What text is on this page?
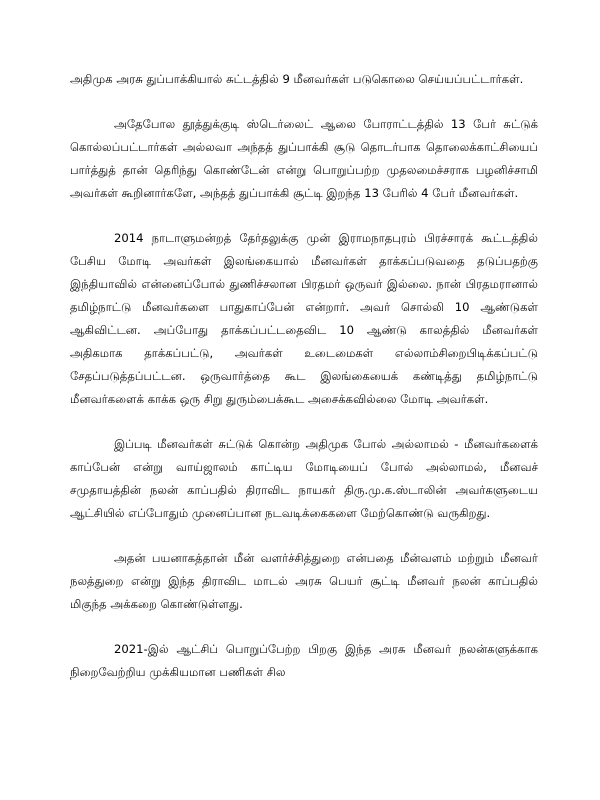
அதிமுக அரசு துப்பாக்கியால் சுட்டத்தில் 9 மீனவர்கள் படுகொலை செய்யப்பட்டார்கள்.

அதேபோல தூத்துக்குடி ஸ்டெர்லைட் ஆலை போராட்டத்தில் 13 பேர் சுட்டுக் கொல்லப்பட்டார்கள் அல்லவா அந்தத் துப்பாக்கி சூடு தொடர்பாக தொலைக்காட்சியைப் பார்த்துத் தான் தெரிந்து கொண்டேன் என்று பொறுப்பற்ற முதலமைச்சராக பழனிச்சாமி அவர்கள் கூறினார்களே, அந்தத் துப்பாக்கி சூட்டி இறந்த 13 பேரில் 4 பேர் மீனவர்கள்.

2014 நாடாளுமன்றத் தேர்தலுக்கு முன் இராமநாதபுரம் பிரச்சாரக் கூட்டத்தில் பேசிய மோடி அவர்கள் இலங்கையால் மீனவர்கள் தாக்கப்படுவதை தடுப்பதற்கு இந்தியாவில் என்னைப்போல் துணிச்சலான பிரதமர் ஒருவர் இல்லை. நான் பிரதமரானால் தமிழ்நாட்டு மீனவர்களை பாதுகாப்பேன் என்றார். அவர் சொல்லி 10 ஆண்டுகள் ஆகிவிட்டன. அப்போது தாக்கப்பட்டதைவிட 10 ஆண்டு காலத்தில் மீனவர்கள் அதிகமாக தாக்கப்பட்டு, அவர்கள் உடைமைகள் எல்லாம்சிறைபிடிக்கப்பட்டு சேதப்படுத்தப்பட்டன. ஒருவார்த்தை கூட இலங்கையைக் கண்டித்து தமிழ்நாட்டு மீனவர்களைக் காக்க ஒரு சிறு துரும்பைக்கூட அசைக்கவில்லை மோடி அவர்கள்.

இப்படி மீனவர்கள் சுட்டுக் கொன்ற அதிமுக போல் அல்லாமல் - மீனவர்களைக் காப்பேன் என்று வாய்ஜாலம் காட்டிய மோடியைப் போல் அல்லாமல், மீனவச் சமுதாயத்தின் நலன் காப்பதில் திராவிட நாயகர் திரு.மு.க.ஸ்டாலின் அவர்களுடைய ஆட்சியில் எப்போதும் முனைப்பான நடவடிக்கைகளை மேற்கொண்டு வருகிறது.

அதன் பயனாகத்தான் மீன் வளர்ச்சித்துறை என்பதை மீன்வளம் மற்றும் மீனவர் நலத்துறை என்று இந்த திராவிட மாடல் அரசு பெயர் சூட்டி மீனவர் நலன் காப்பதில் மிகுந்த அக்கறை கொண்டுள்ளது.

2021-இல் ஆட்சிப் பொறுப்பேற்ற பிறகு இந்த அரசு மீனவர் நலன்களுக்காக நிறைவேற்றிய முக்கியமான பணிகள் சில
